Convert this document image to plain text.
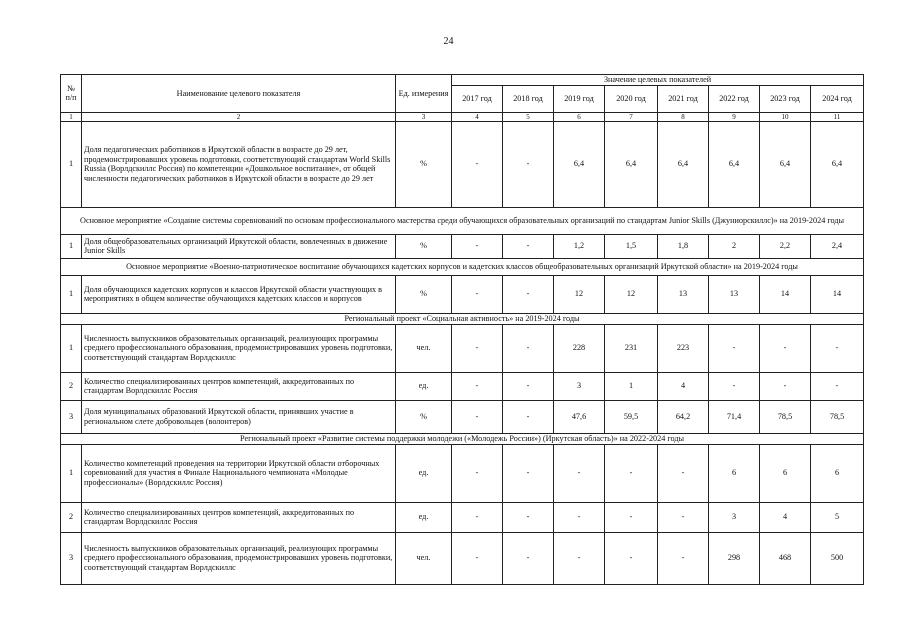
24
№ п/п	Наименование целевого показателя	Ед. измерения	Значение целевых показателей							
			2017 год	2018 год	2019 год	2020 год	2021 год	2022 год	2023 год	2024 год
1	2	3	4	5	6	7	8	9	10	11
1	Доля педагогических работников в Иркутской области в возрасте до 29 лет, продемонстрировавших уровень подготовки, соответствующий стандартам World Skills Russia (Ворлдскиллс Россия) по компетенции «Дошкольное воспитание», от общей численности педагогических работников в Иркутской области в возрасте до 29 лет	%	-	-	6,4	6,4	6,4	6,4	6,4	6,4
Основное мероприятие «Создание системы соревнований по основам профессионального мастерства среди обучающихся образовательных организаций по стандартам Junior Skills (Джуниорскиллс)» на 2019-2024 годы										
1	Доля общеобразовательных организаций Иркутской области, вовлеченных в движение Junior Skills	%	-	-	1,2	1,5	1,8	2	2,2	2,4
Основное мероприятие «Военно-патриотическое воспитание обучающихся кадетских корпусов и кадетских классов общеобразовательных организаций Иркутской области» на 2019-2024 годы										
1	Доля обучающихся кадетских корпусов и классов Иркутской области участвующих в мероприятиях в общем количестве обучающихся кадетских классов и корпусов	%	-	-	12	12	13	13	14	14
Региональный проект «Социальная активность» на 2019-2024 годы										
1	Численность выпускников образовательных организаций, реализующих программы среднего профессионального образования, продемонстрировавших уровень подготовки, соответствующий стандартам Ворлдскиллс	чел.	-	-	228	231	223	-	-	-
2	Количество специализированных центров компетенций, аккредитованных по стандартам Ворлдскиллс Россия	ед.	-	-	3	1	4	-	-	-
3	Доля муниципальных образований Иркутской области, принявших участие в региональном слете добровольцев (волонтеров)	%	-	-	47,6	59,5	64,2	71,4	78,5	78,5
Региональный проект «Развитие системы поддержки молодежи («Молодежь России») (Иркутская область)» на 2022-2024 годы										
1	Количество компетенций проведения на территории Иркутской области отборочных соревнований для участия в Финале Национального чемпионата «Молодые профессионалы» (Ворлдскиллс Россия)	ед.	-	-	-	-	-	6	6	6
2	Количество специализированных центров компетенций, аккредитованных по стандартам Ворлдскиллс Россия	ед.	-	-	-	-	-	3	4	5
3	Численность выпускников образовательных организаций, реализующих программы среднего профессионального образования, продемонстрировавших уровень подготовки, соответствующий стандартам Ворлдскиллс	чел.	-	-	-	-	-	298	468	500
